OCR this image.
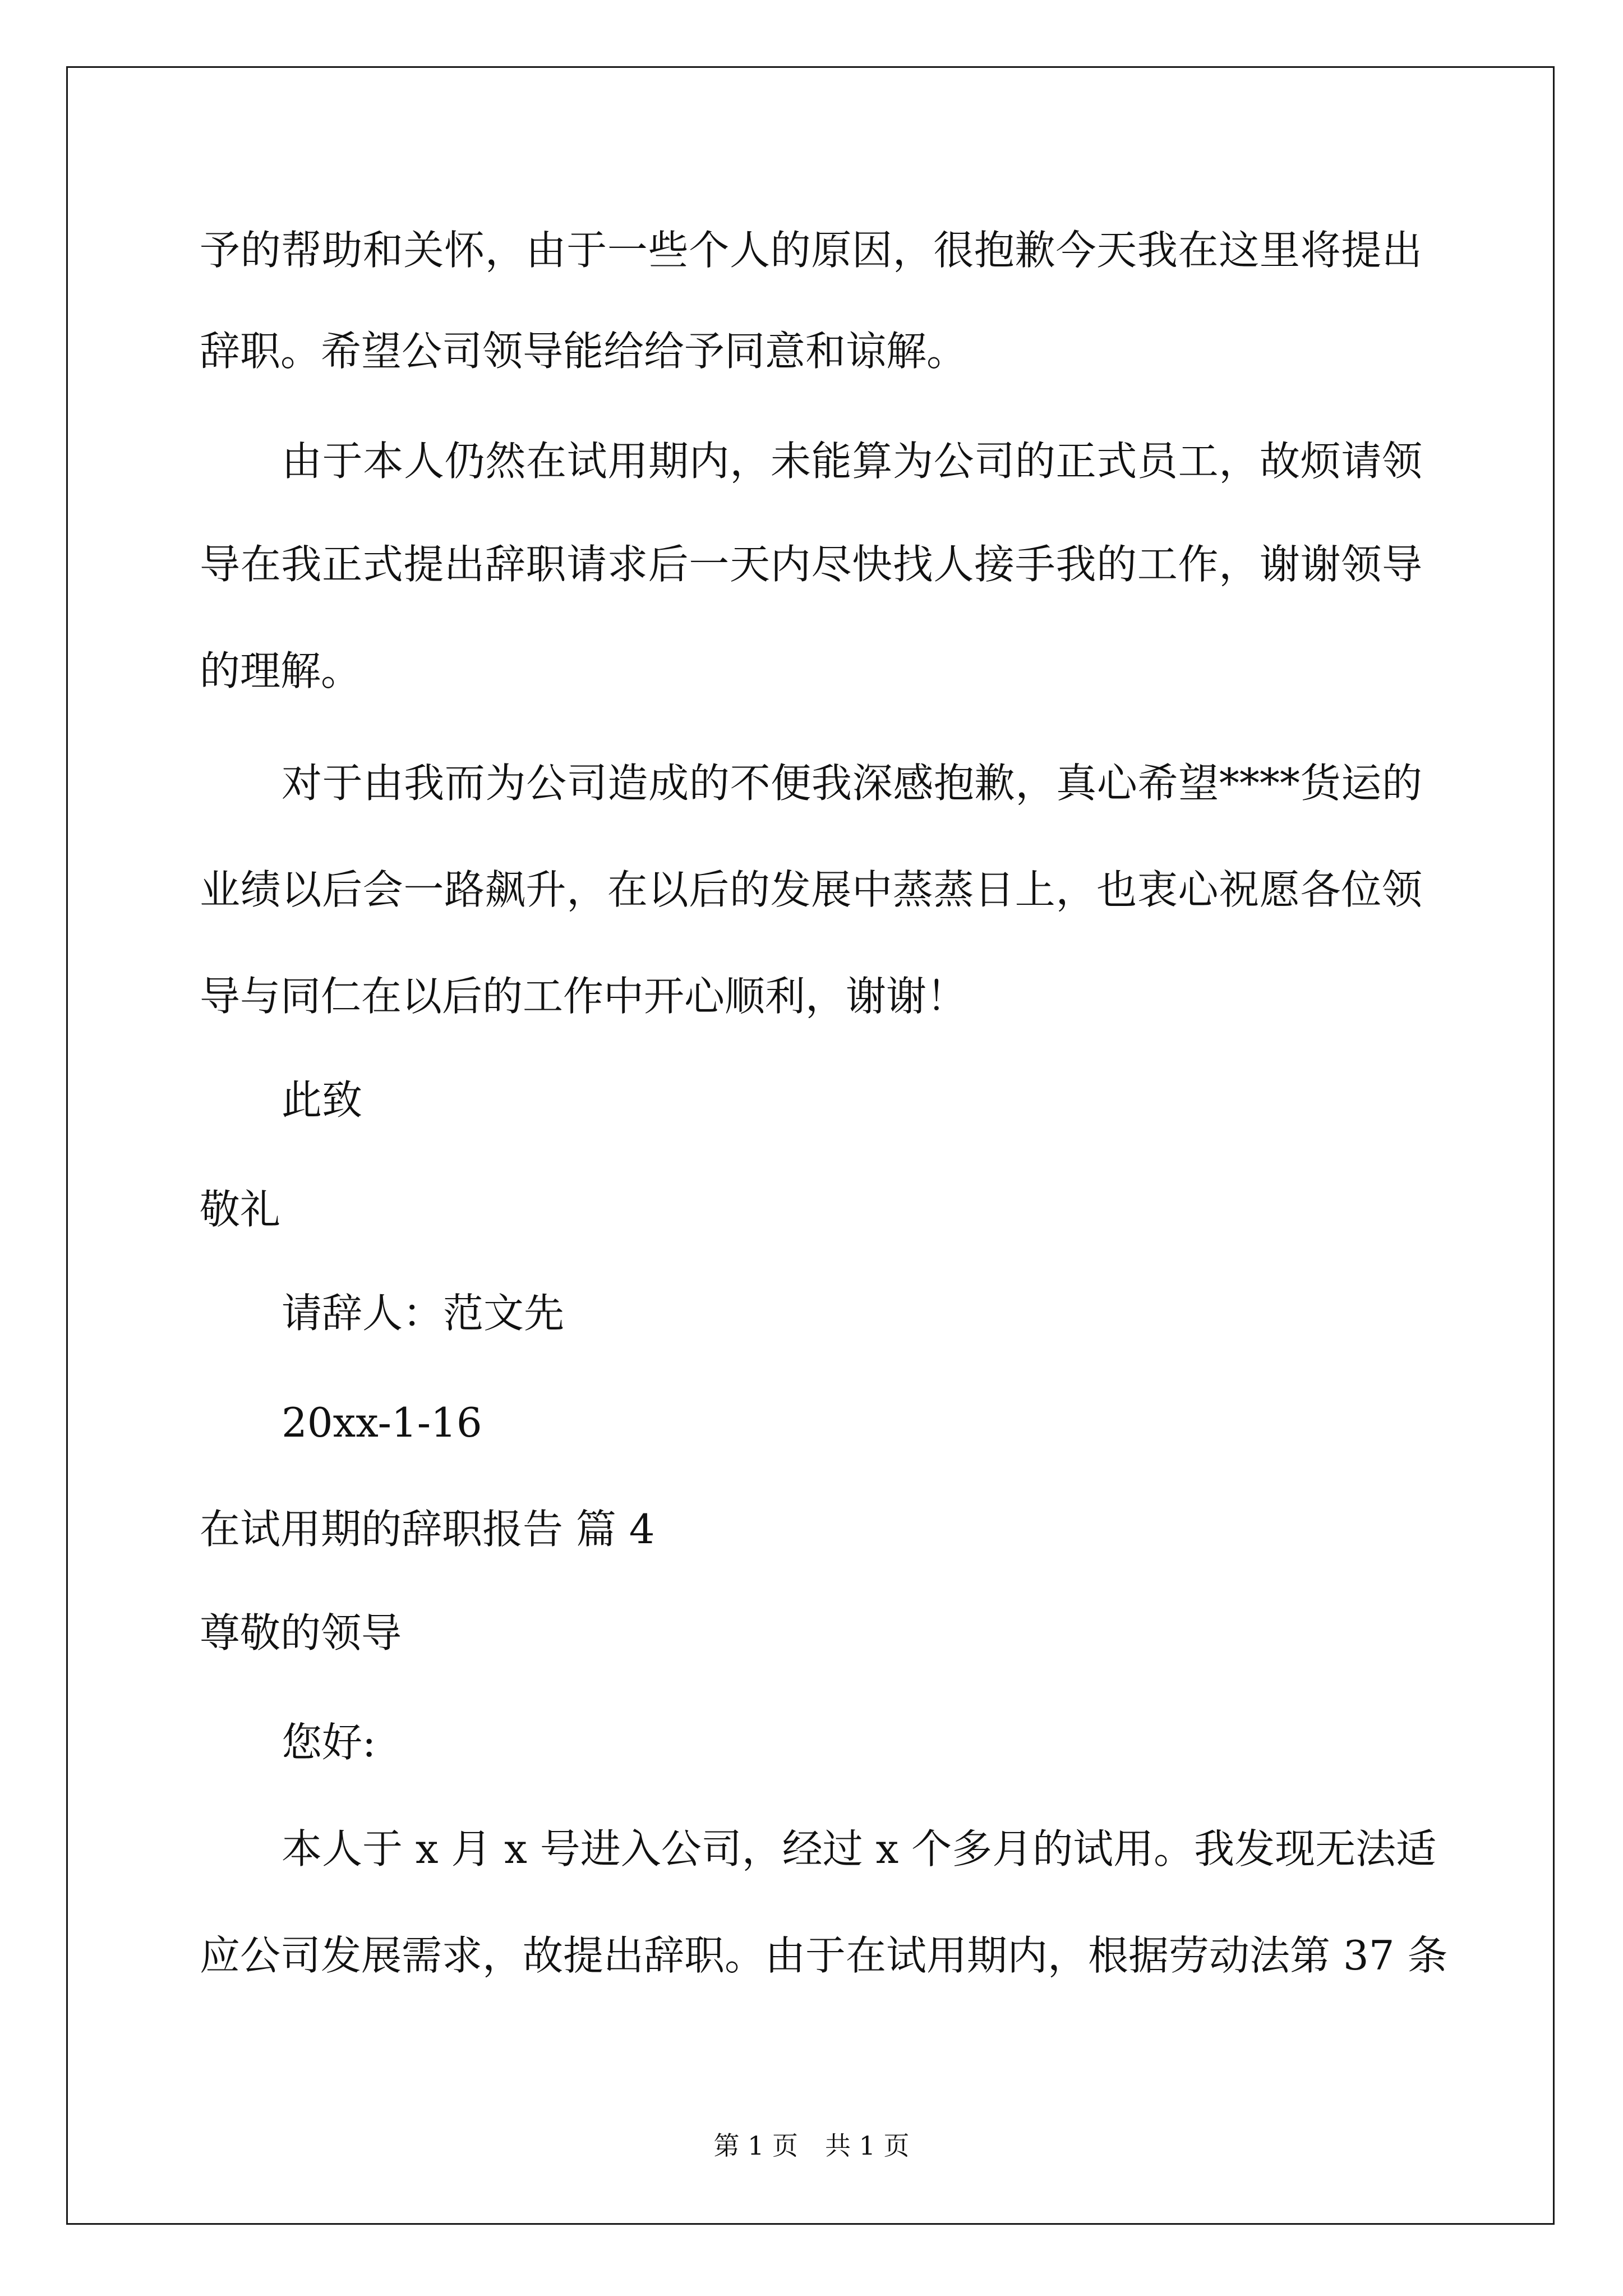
予的帮助和关怀，由于一些个人的原因，很抱歉今天我在这里将提出
辞职。希望公司领导能给给予同意和谅解。
由于本人仍然在试用期内，未能算为公司的正式员工，故烦请领
导在我正式提出辞职请求后一天内尽快找人接手我的工作，谢谢领导
的理解。
对于由我而为公司造成的不便我深感抱歉，真心希望****货运的
业绩以后会一路飙升，在以后的发展中蒸蒸日上，也衷心祝愿各位领
导与同仁在以后的工作中开心顺利，谢谢！
此致
敬礼
请辞人：范文先
20xx-1-16
在试用期的辞职报告 篇 4
尊敬的领导
您好:
本人于 x 月 x 号进入公司，经过 x 个多月的试用。我发现无法适
应公司发展需求，故提出辞职。由于在试用期内，根据劳动法第 37 条
第 1 页 共 1 页
